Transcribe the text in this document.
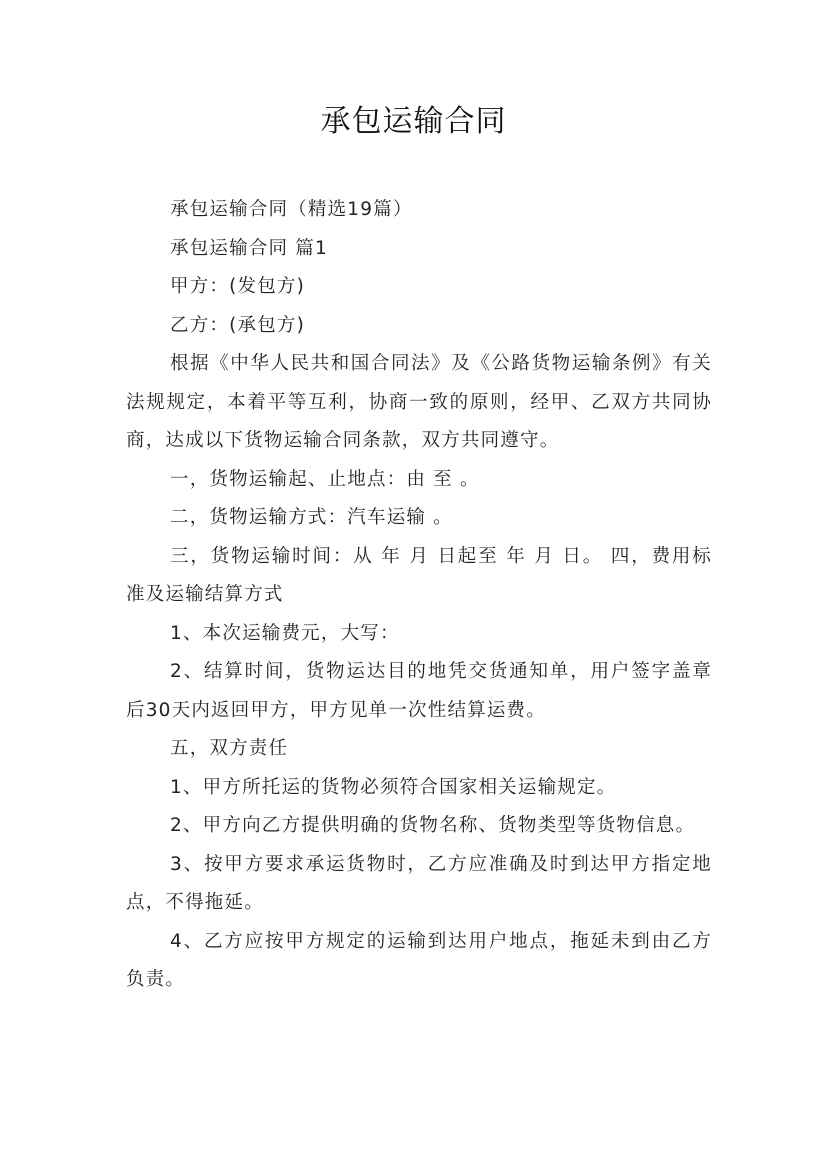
承包运输合同

承包运输合同（精选19篇）

承包运输合同 篇1

甲方：(发包方)

乙方：(承包方)

根据《中华人民共和国合同法》及《公路货物运输条例》有关法规规定，本着平等互利，协商一致的原则，经甲、乙双方共同协商，达成以下货物运输合同条款，双方共同遵守。

一，货物运输起、止地点：由 至 。

二，货物运输方式：汽车运输 。

三，货物运输时间：从 年 月 日起至 年 月 日。 四，费用标准及运输结算方式

1、本次运输费元，大写：

2、结算时间，货物运达目的地凭交货通知单，用户签字盖章后30天内返回甲方，甲方见单一次性结算运费。

五，双方责任

1、甲方所托运的货物必须符合国家相关运输规定。

2、甲方向乙方提供明确的货物名称、货物类型等货物信息。

3、按甲方要求承运货物时，乙方应准确及时到达甲方指定地点，不得拖延。

4、乙方应按甲方规定的运输到达用户地点，拖延未到由乙方负责。
